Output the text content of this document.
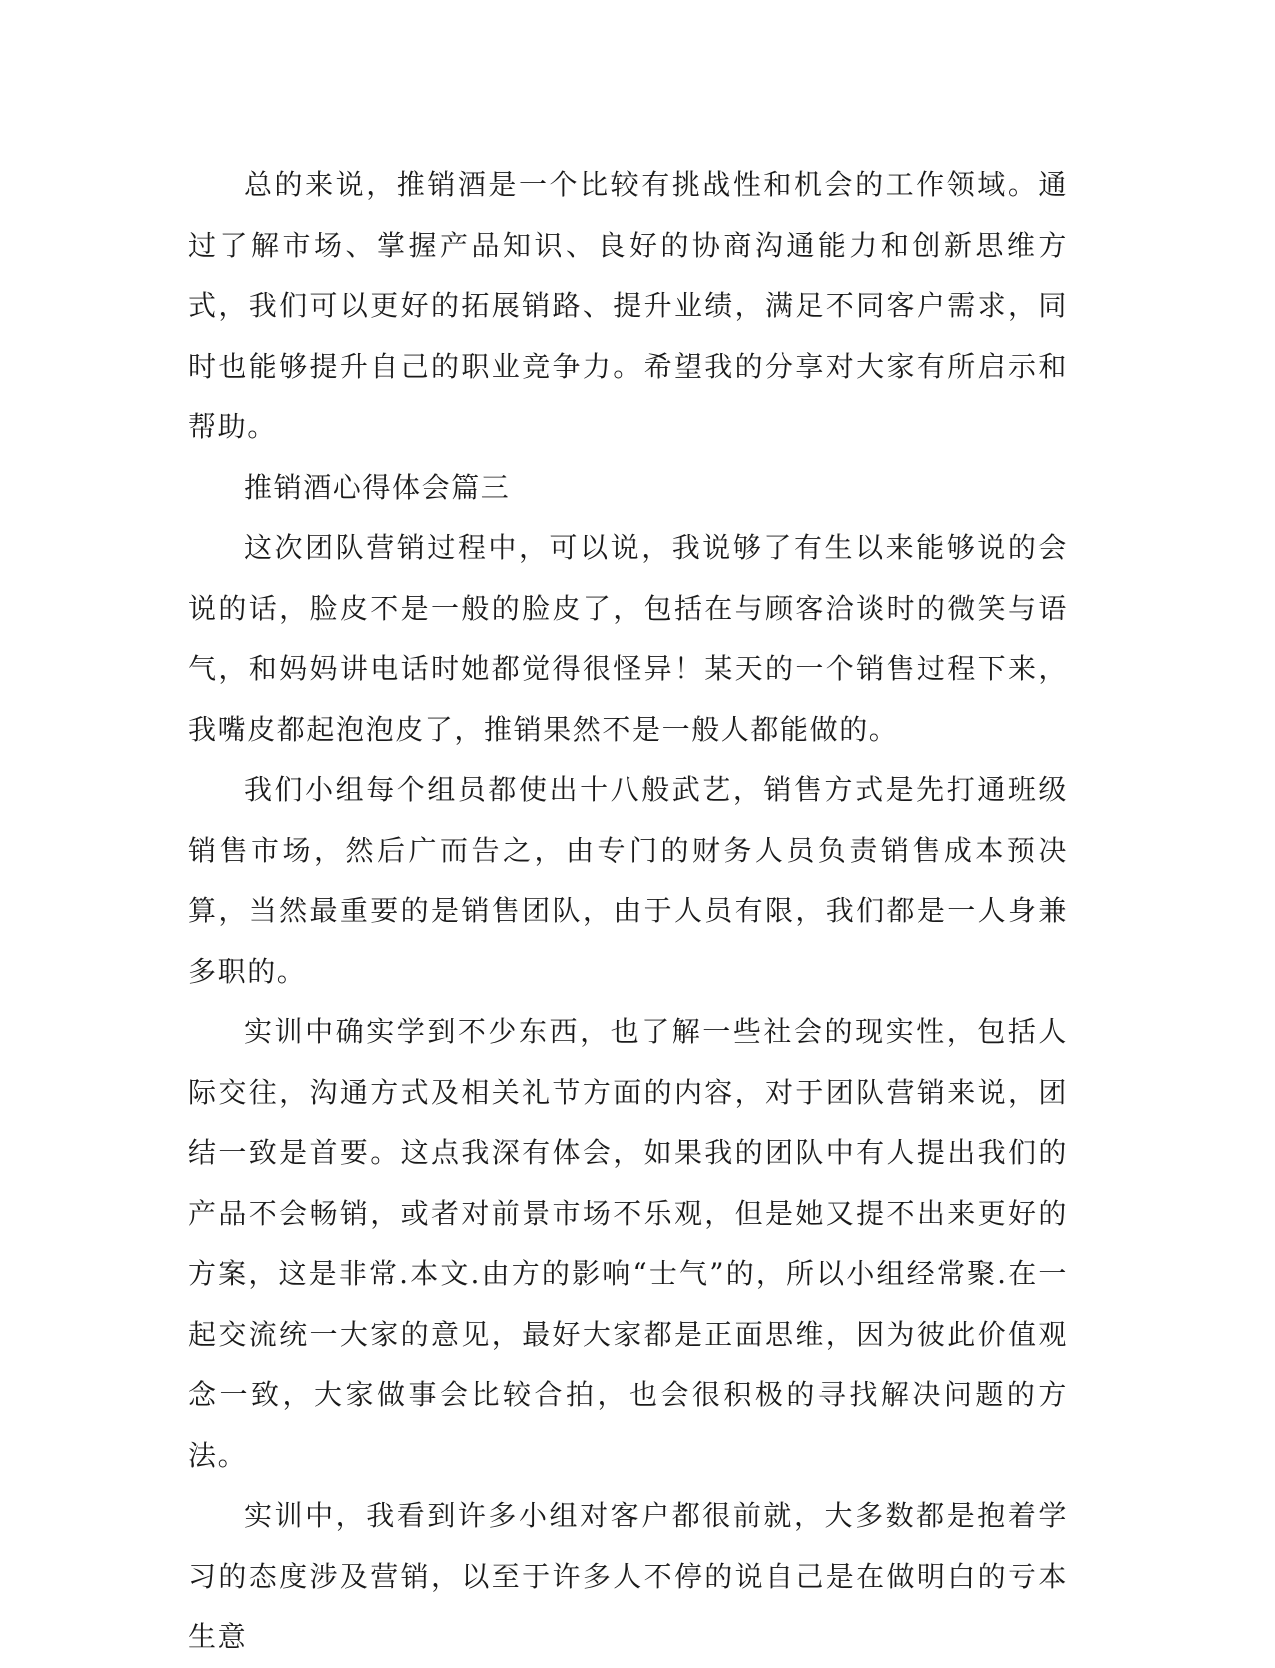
总的来说，推销酒是一个比较有挑战性和机会的工作领域。通过了解市场、掌握产品知识、良好的协商沟通能力和创新思维方式，我们可以更好的拓展销路、提升业绩，满足不同客户需求，同时也能够提升自己的职业竞争力。希望我的分享对大家有所启示和帮助。

推销酒心得体会篇三

这次团队营销过程中，可以说，我说够了有生以来能够说的会说的话，脸皮不是一般的脸皮了，包括在与顾客洽谈时的微笑与语气，和妈妈讲电话时她都觉得很怪异！某天的一个销售过程下来，我嘴皮都起泡泡皮了，推销果然不是一般人都能做的。

我们小组每个组员都使出十八般武艺，销售方式是先打通班级销售市场，然后广而告之，由专门的财务人员负责销售成本预决算，当然最重要的是销售团队，由于人员有限，我们都是一人身兼多职的。

实训中确实学到不少东西，也了解一些社会的现实性，包括人际交往，沟通方式及相关礼节方面的内容，对于团队营销来说，团结一致是首要。这点我深有体会，如果我的团队中有人提出我们的产品不会畅销，或者对前景市场不乐观，但是她又提不出来更好的方案，这是非常.本文.由方的影响“士气”的，所以小组经常聚.在一起交流统一大家的意见，最好大家都是正面思维，因为彼此价值观念一致，大家做事会比较合拍，也会很积极的寻找解决问题的方法。

实训中，我看到许多小组对客户都很前就，大多数都是抱着学习的态度涉及营销，以至于许多人不停的说自己是在做明白的亏本生意
